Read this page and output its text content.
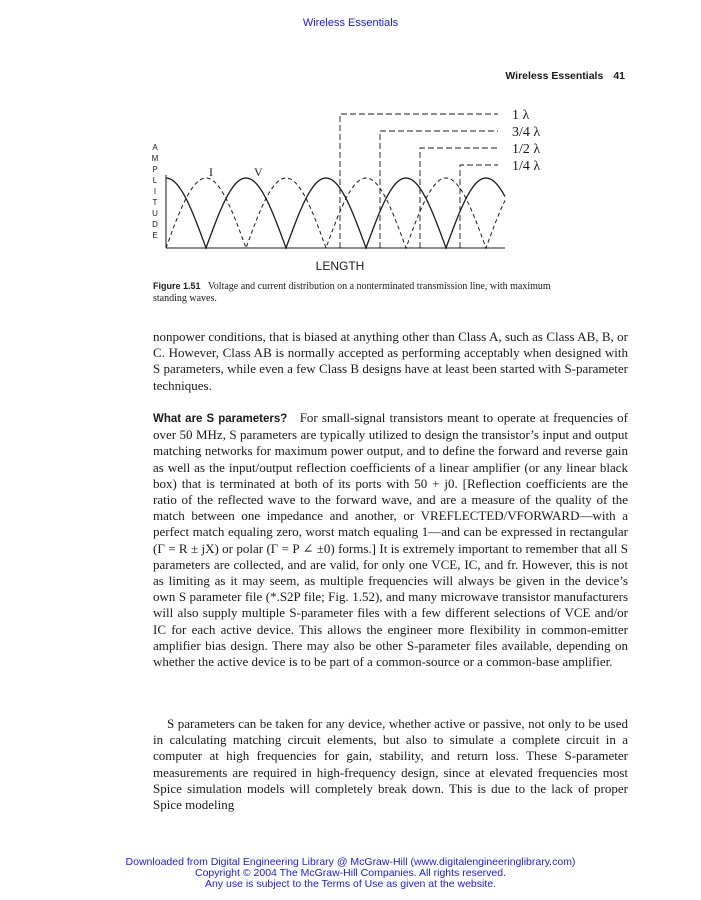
Wireless Essentials
Wireless Essentials 41
A
M
P
L
I
T
U
D
E
1 λ
3/4 λ
1/2 λ
1/4 λ
I	V
LENGTH
Figure 1.51 Voltage and current distribution on a nonterminated transmission line, with maximum standing waves.

nonpower conditions, that is biased at anything other than Class A, such as Class AB, B, or C. However, Class AB is normally accepted as performing acceptably when designed with S parameters, while even a few Class B designs have at least been started with S-parameter techniques.

What are S parameters? For small-signal transistors meant to operate at frequencies of over 50 MHz, S parameters are typically utilized to design the transistor’s input and output matching networks for maximum power output, and to define the forward and reverse gain as well as the input/output reflection coefficients of a linear amplifier (or any linear black box) that is terminated at both of its ports with 50 + j0. [Reflection coefficients are the ratio of the reflected wave to the forward wave, and are a measure of the quality of the match between one impedance and another, or VREFLECTED/VFORWARD—with a perfect match equaling zero, worst match equaling 1—and can be expressed in rectangular (Γ = R ± jX) or polar (Γ = P ∠ ±0) forms.] It is extremely important to remember that all S parameters are collected, and are valid, for only one VCE, IC, and fr. However, this is not as limiting as it may seem, as multiple frequencies will always be given in the device’s own S parameter file (*.S2P file; Fig. 1.52), and many microwave transistor manufacturers will also supply multiple S-parameter files with a few different selections of VCE and/or IC for each active device. This allows the engineer more flexibility in common-emitter amplifier bias design. There may also be other S-parameter files available, depending on whether the active device is to be part of a common-source or a common-base amplifier.

S parameters can be taken for any device, whether active or passive, not only to be used in calculating matching circuit elements, but also to simulate a complete circuit in a computer at high frequencies for gain, stability, and return loss. These S-parameter measurements are required in high-frequency design, since at elevated frequencies most Spice simulation models will completely break down. This is due to the lack of proper Spice modeling

Downloaded from Digital Engineering Library @ McGraw-Hill (www.digitalengineeringlibrary.com)
Copyright © 2004 The McGraw-Hill Companies. All rights reserved.
Any use is subject to the Terms of Use as given at the website.
